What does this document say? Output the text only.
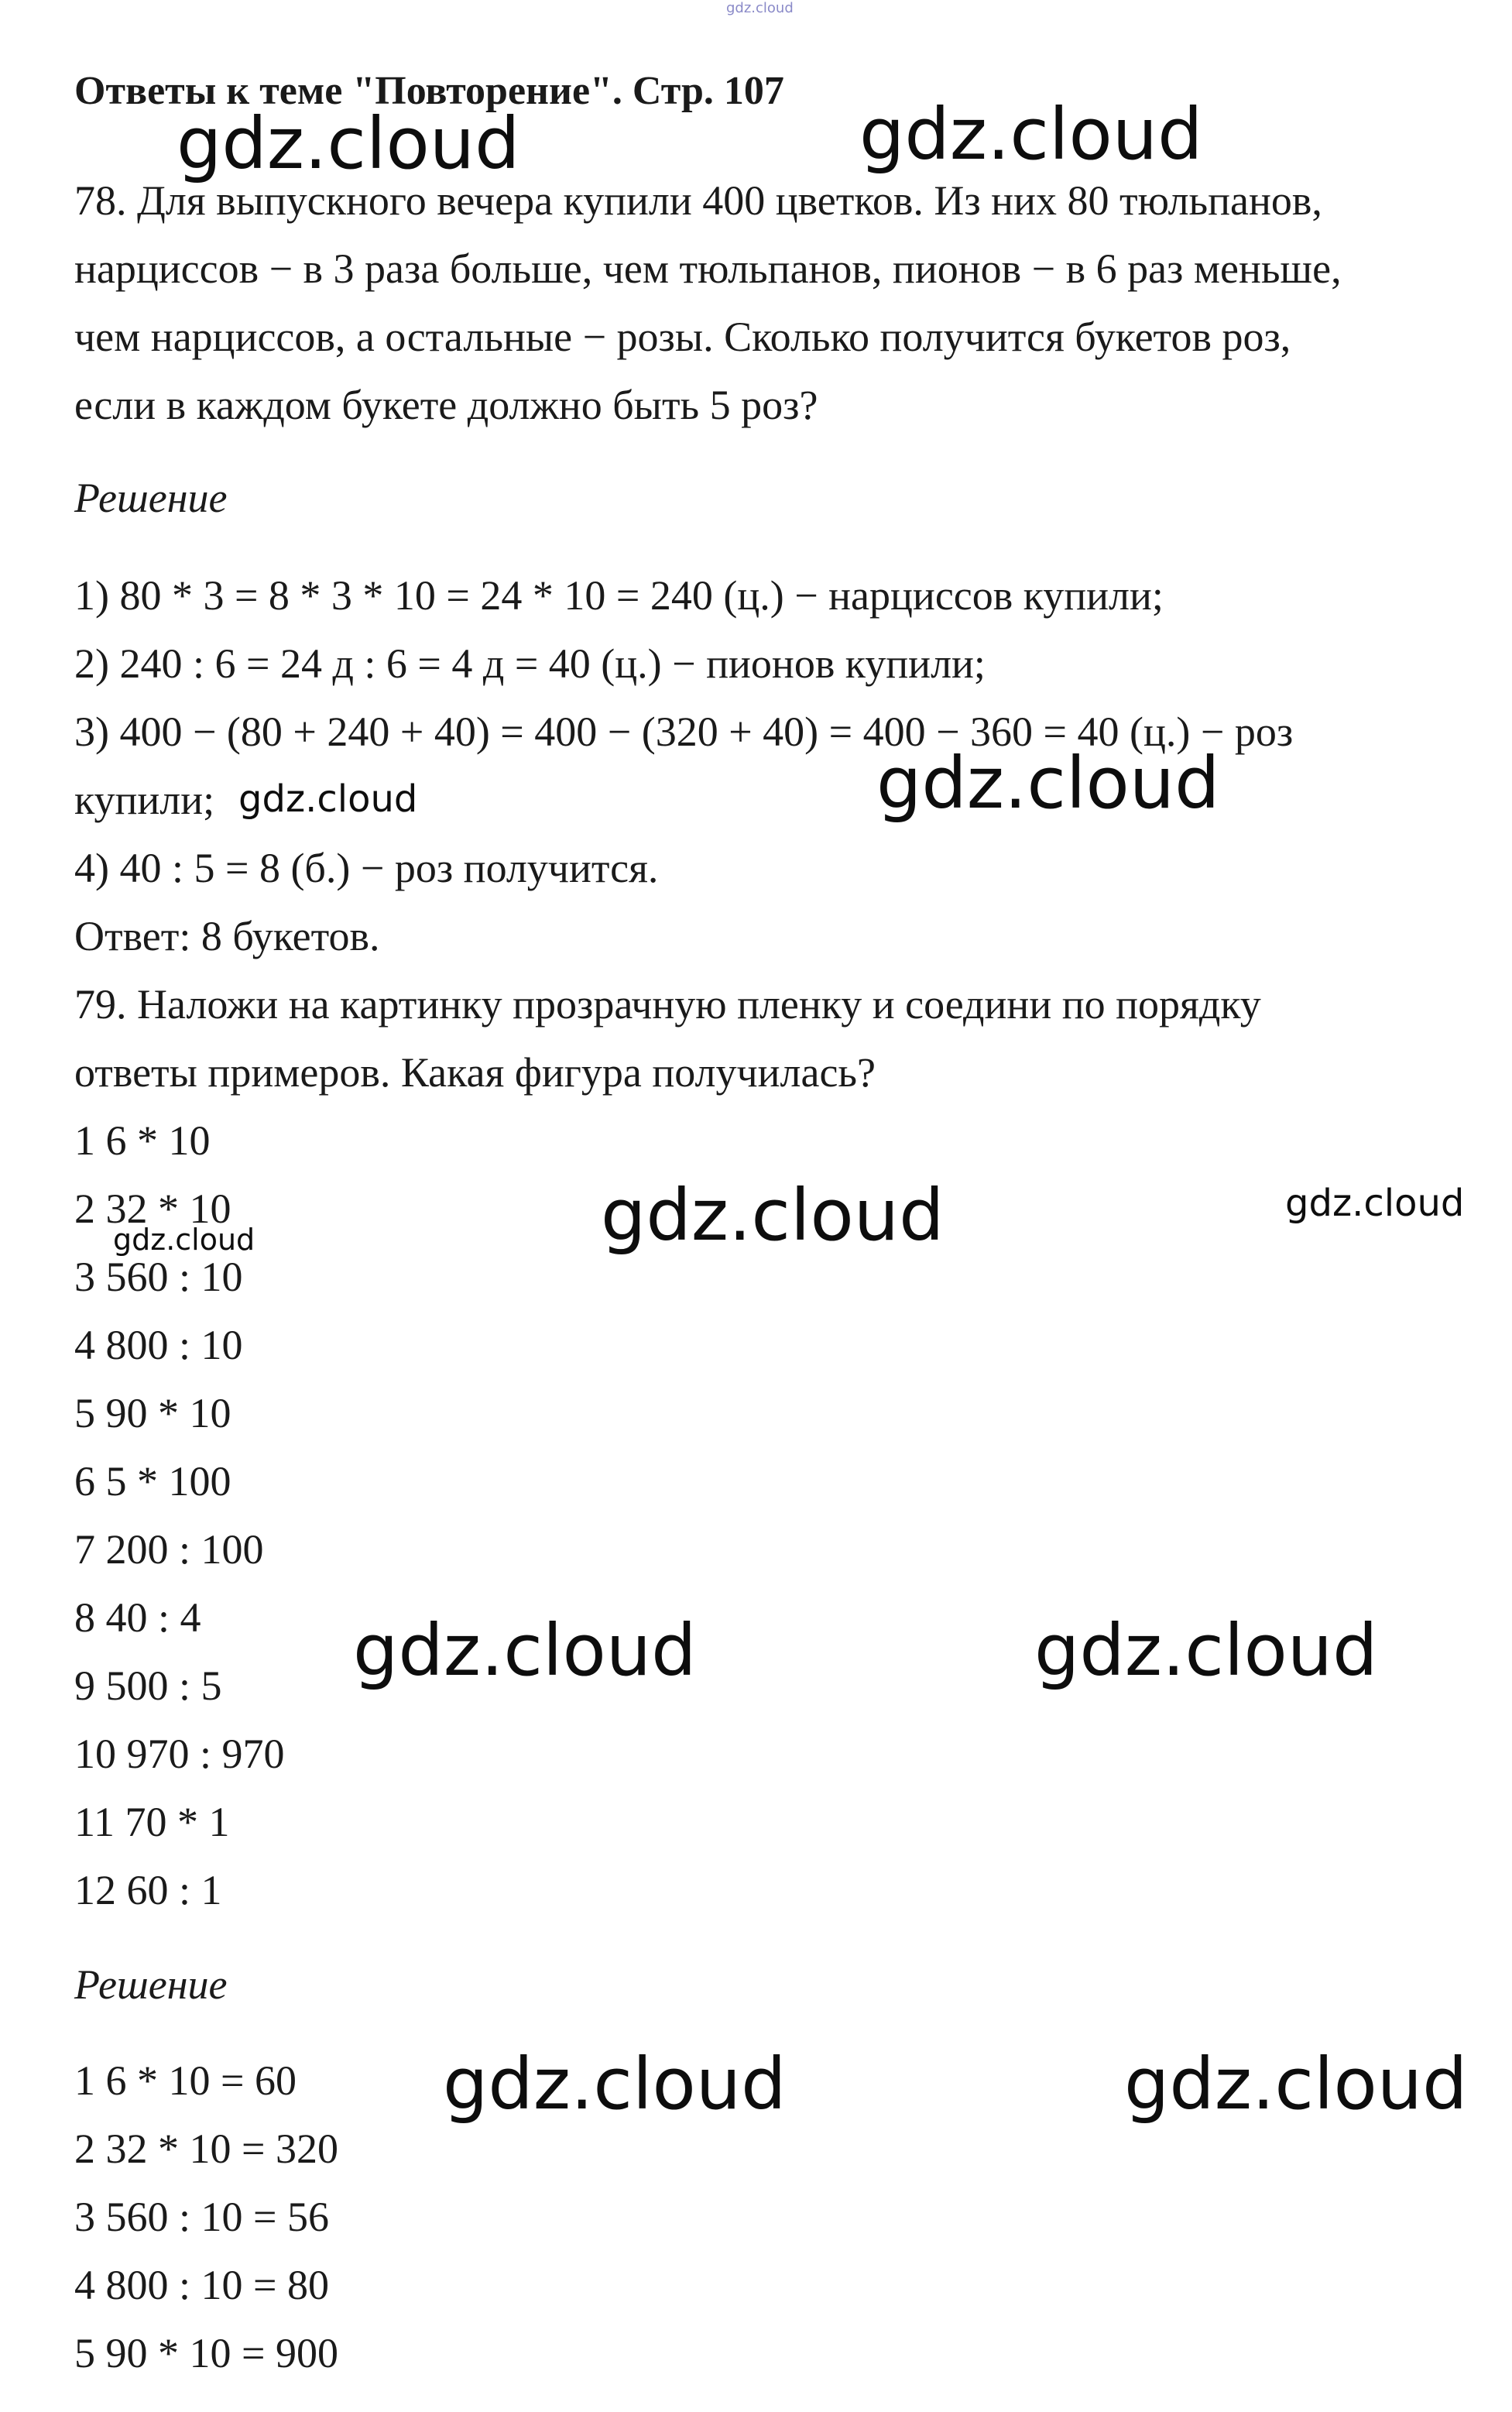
gdz.cloud
Ответы к теме "Повторение". Стр. 107
78. Для выпускного вечера купили 400 цветков. Из них 80 тюльпанов,
нарциссов − в 3 раза больше, чем тюльпанов, пионов − в 6 раз меньше,
чем нарциссов, а остальные − розы. Сколько получится букетов роз,
если в каждом букете должно быть 5 роз?
Решение
1) 80 * 3 = 8 * 3 * 10 = 24 * 10 = 240 (ц.) − нарциссов купили;
2) 240 : 6 = 24 д : 6 = 4 д = 40 (ц.) − пионов купили;
3) 400 − (80 + 240 + 40) = 400 − (320 + 40) = 400 − 360 = 40 (ц.) − роз
купили;
4) 40 : 5 = 8 (б.) − роз получится.
Ответ: 8 букетов.
79. Наложи на картинку прозрачную пленку и соедини по порядку
ответы примеров. Какая фигура получилась?
1 6 * 10
2 32 * 10
3 560 : 10
4 800 : 10
5 90 * 10
6 5 * 100
7 200 : 100
8 40 : 4
9 500 : 5
10 970 : 970
11 70 * 1
12 60 : 1
Решение
1 6 * 10 = 60
2 32 * 10 = 320
3 560 : 10 = 56
4 800 : 10 = 80
5 90 * 10 = 900
gdz.cloud	gdz.cloud
gdz.cloud	gdz.cloud
gdz.cloud	gdz.cloud
gdz.cloud
gdz.cloud	gdz.cloud
gdz.cloud	gdz.cloud
